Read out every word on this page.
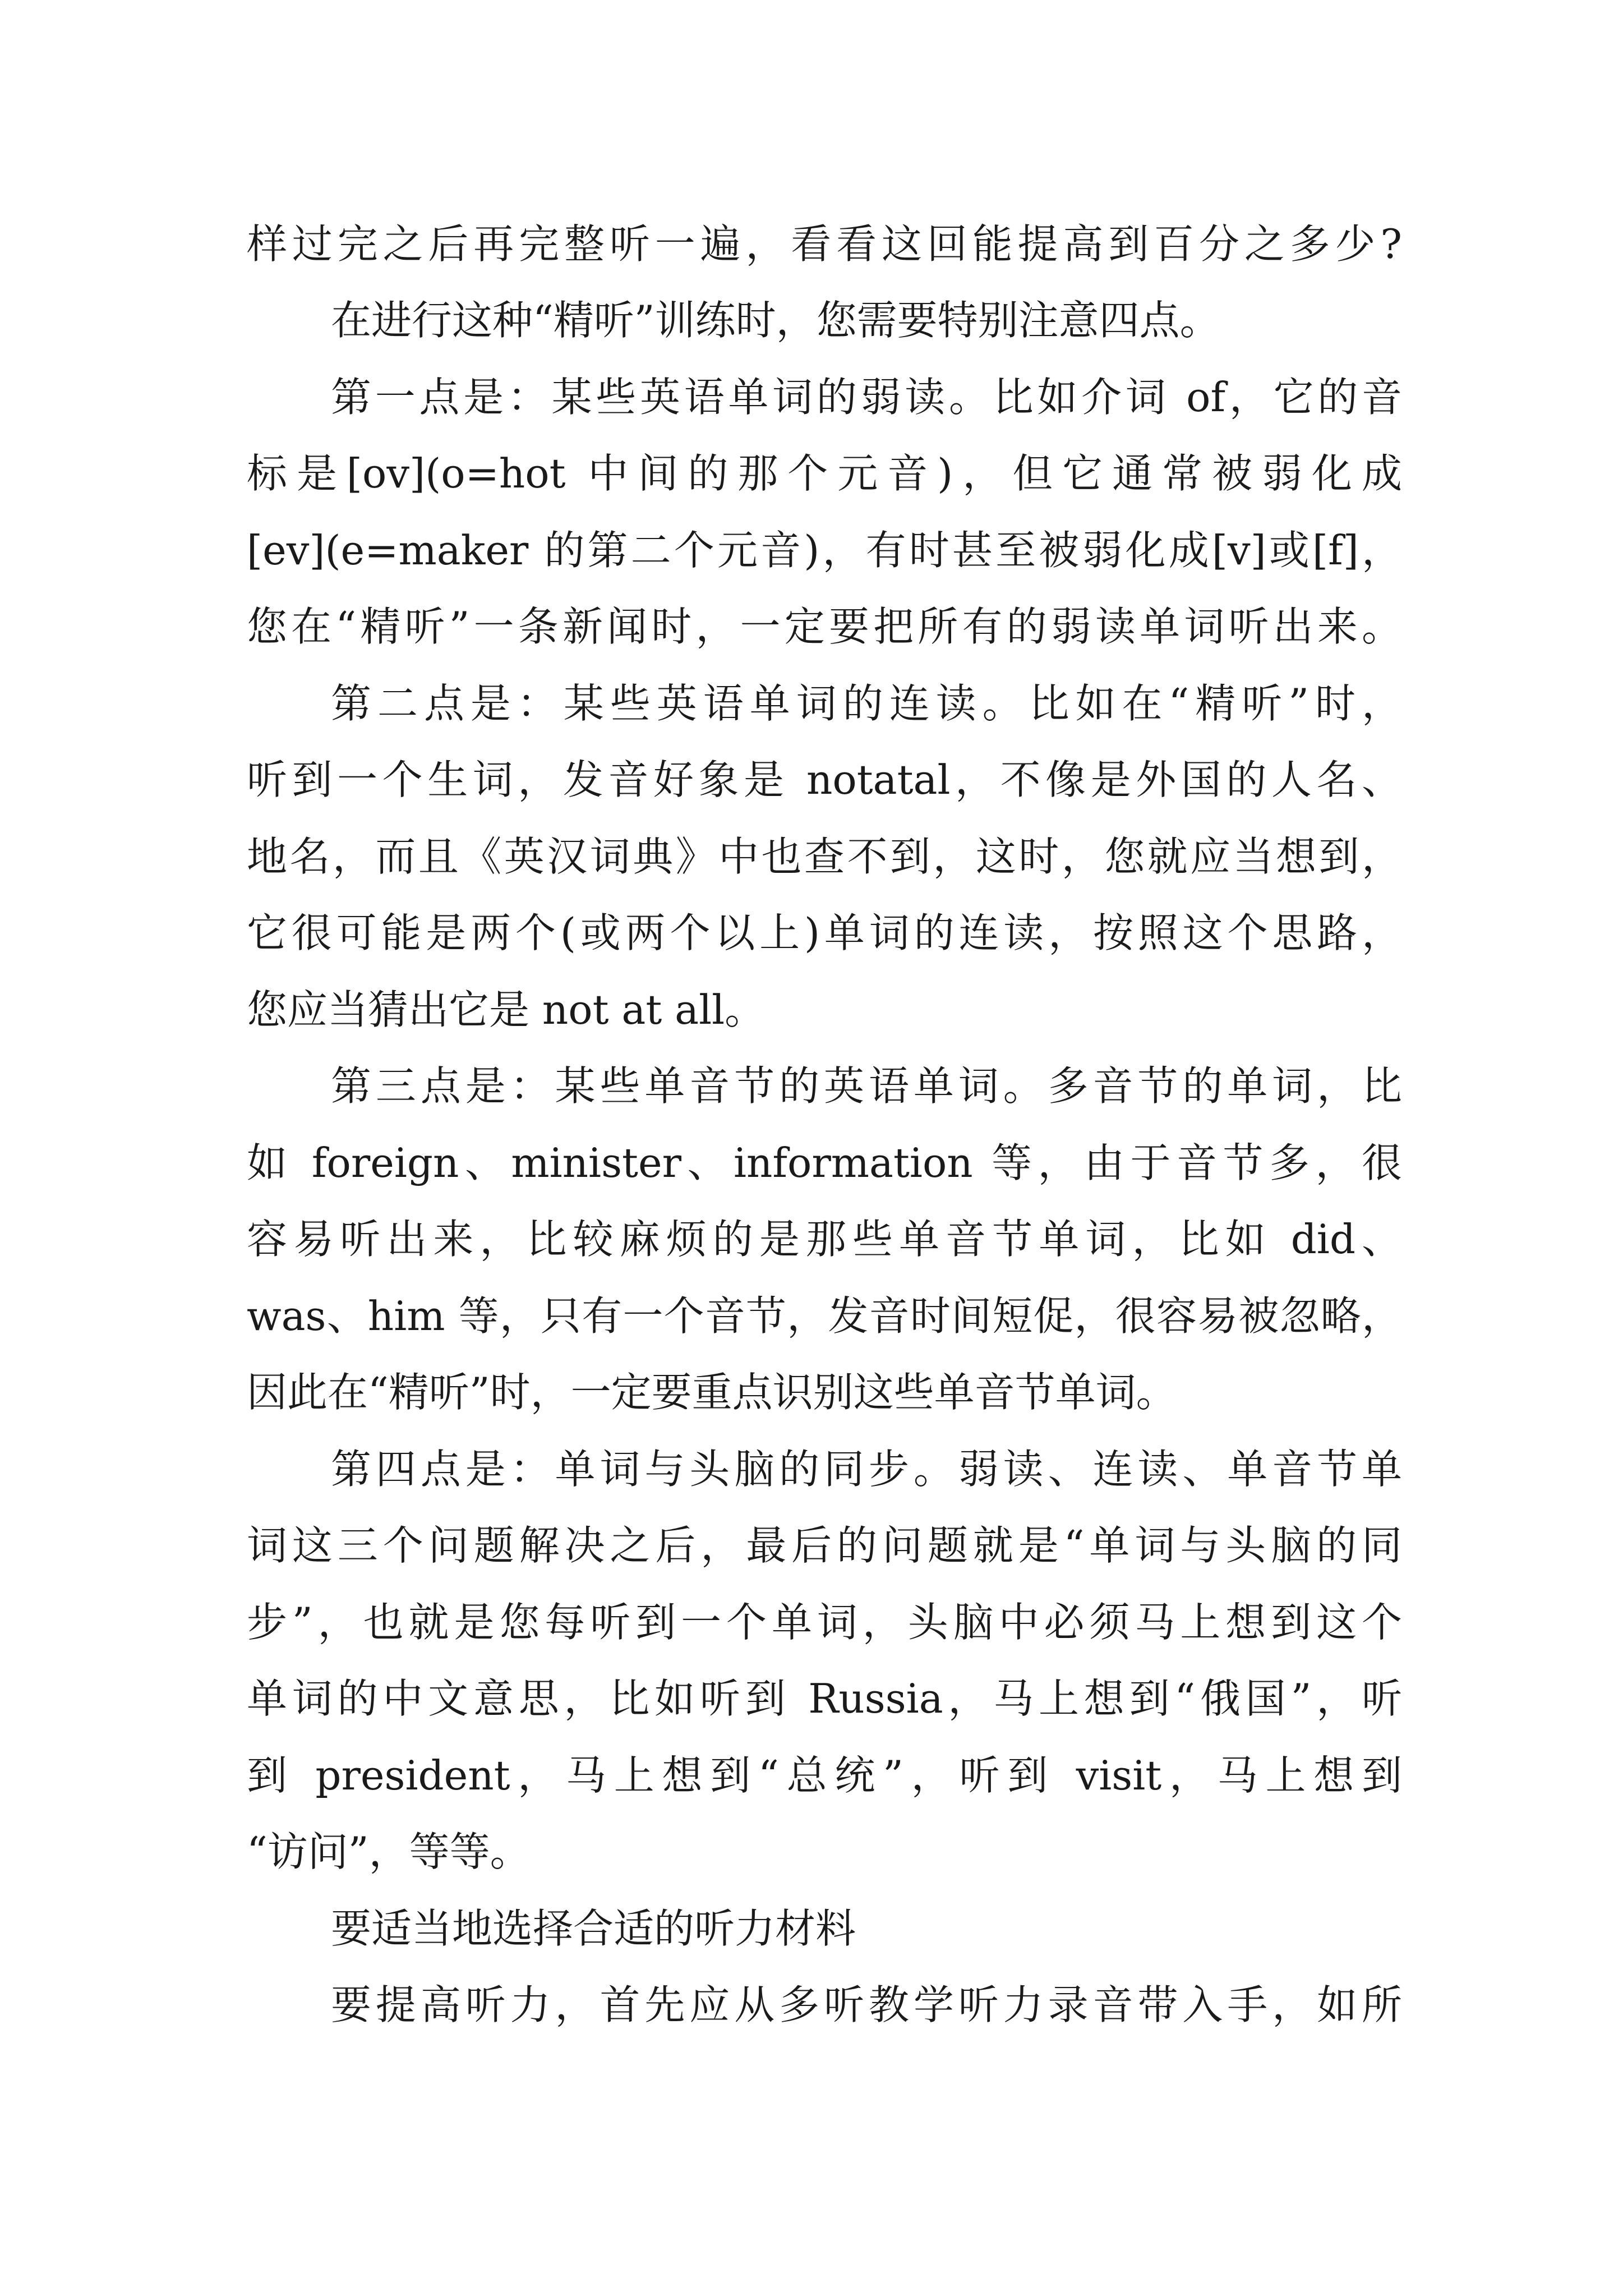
样过完之后再完整听一遍，看看这回能提高到百分之多少?
在进行这种“精听”训练时，您需要特别注意四点。
第一点是：某些英语单词的弱读。比如介词 of，它的音
标是[ov](o=hot 中间的那个元音)，但它通常被弱化成
[ev](e=maker 的第二个元音)，有时甚至被弱化成[v]或[f]，
您在“精听”一条新闻时，一定要把所有的弱读单词听出来。
第二点是：某些英语单词的连读。比如在“精听”时，
听到一个生词，发音好象是 notatal，不像是外国的人名、
地名，而且《英汉词典》中也查不到，这时，您就应当想到，
它很可能是两个(或两个以上)单词的连读，按照这个思路，
您应当猜出它是 not at all。
第三点是：某些单音节的英语单词。多音节的单词，比
如 foreign、minister、information 等，由于音节多，很
容易听出来，比较麻烦的是那些单音节单词，比如 did、
was、him 等，只有一个音节，发音时间短促，很容易被忽略，
因此在“精听”时，一定要重点识别这些单音节单词。
第四点是：单词与头脑的同步。弱读、连读、单音节单
词这三个问题解决之后，最后的问题就是“单词与头脑的同
步”，也就是您每听到一个单词，头脑中必须马上想到这个
单词的中文意思，比如听到 Russia，马上想到“俄国”，听
到 president，马上想到“总统”，听到 visit，马上想到
“访问”，等等。
要适当地选择合适的听力材料
要提高听力，首先应从多听教学听力录音带入手，如所
